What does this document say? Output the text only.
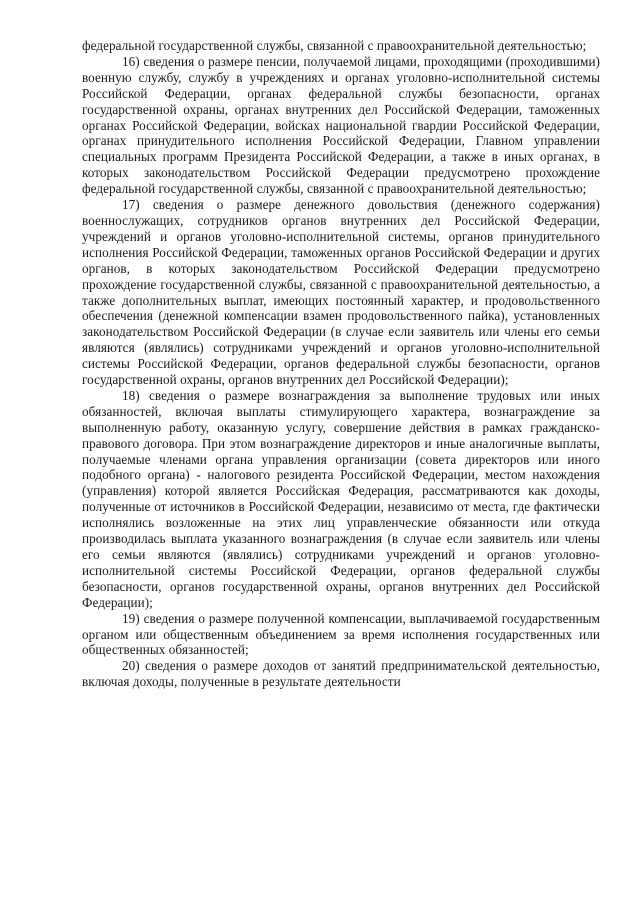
федеральной государственной службы, связанной с правоохранительной деятельностью;

16) сведения о размере пенсии, получаемой лицами, проходящими (проходившими) военную службу, службу в учреждениях и органах уголовно-исполнительной системы Российской Федерации, органах федеральной службы безопасности, органах государственной охраны, органах внутренних дел Российской Федерации, таможенных органах Российской Федерации, войсках национальной гвардии Российской Федерации, органах принудительного исполнения Российской Федерации, Главном управлении специальных программ Президента Российской Федерации, а также в иных органах, в которых законодательством Российской Федерации предусмотрено прохождение федеральной государственной службы, связанной с правоохранительной деятельностью;

17) сведения о размере денежного довольствия (денежного содержания) военнослужащих, сотрудников органов внутренних дел Российской Федерации, учреждений и органов уголовно-исполнительной системы, органов принудительного исполнения Российской Федерации, таможенных органов Российской Федерации и других органов, в которых законодательством Российской Федерации предусмотрено прохождение государственной службы, связанной с правоохранительной деятельностью, а также дополнительных выплат, имеющих постоянный характер, и продовольственного обеспечения (денежной компенсации взамен продовольственного пайка), установленных законодательством Российской Федерации (в случае если заявитель или члены его семьи являются (являлись) сотрудниками учреждений и органов уголовно-исполнительной системы Российской Федерации, органов федеральной службы безопасности, органов государственной охраны, органов внутренних дел Российской Федерации);

18) сведения о размере вознаграждения за выполнение трудовых или иных обязанностей, включая выплаты стимулирующего характера, вознаграждение за выполненную работу, оказанную услугу, совершение действия в рамках гражданско-правового договора. При этом вознаграждение директоров и иные аналогичные выплаты, получаемые членами органа управления организации (совета директоров или иного подобного органа) - налогового резидента Российской Федерации, местом нахождения (управления) которой является Российская Федерация, рассматриваются как доходы, полученные от источников в Российской Федерации, независимо от места, где фактически исполнялись возложенные на этих лиц управленческие обязанности или откуда производилась выплата указанного вознаграждения (в случае если заявитель или члены его семьи являются (являлись) сотрудниками учреждений и органов уголовно-исполнительной системы Российской Федерации, органов федеральной службы безопасности, органов государственной охраны, органов внутренних дел Российской Федерации);

19) сведения о размере полученной компенсации, выплачиваемой государственным органом или общественным объединением за время исполнения государственных или общественных обязанностей;

20) сведения о размере доходов от занятий предпринимательской деятельностью, включая доходы, полученные в результате деятельности
